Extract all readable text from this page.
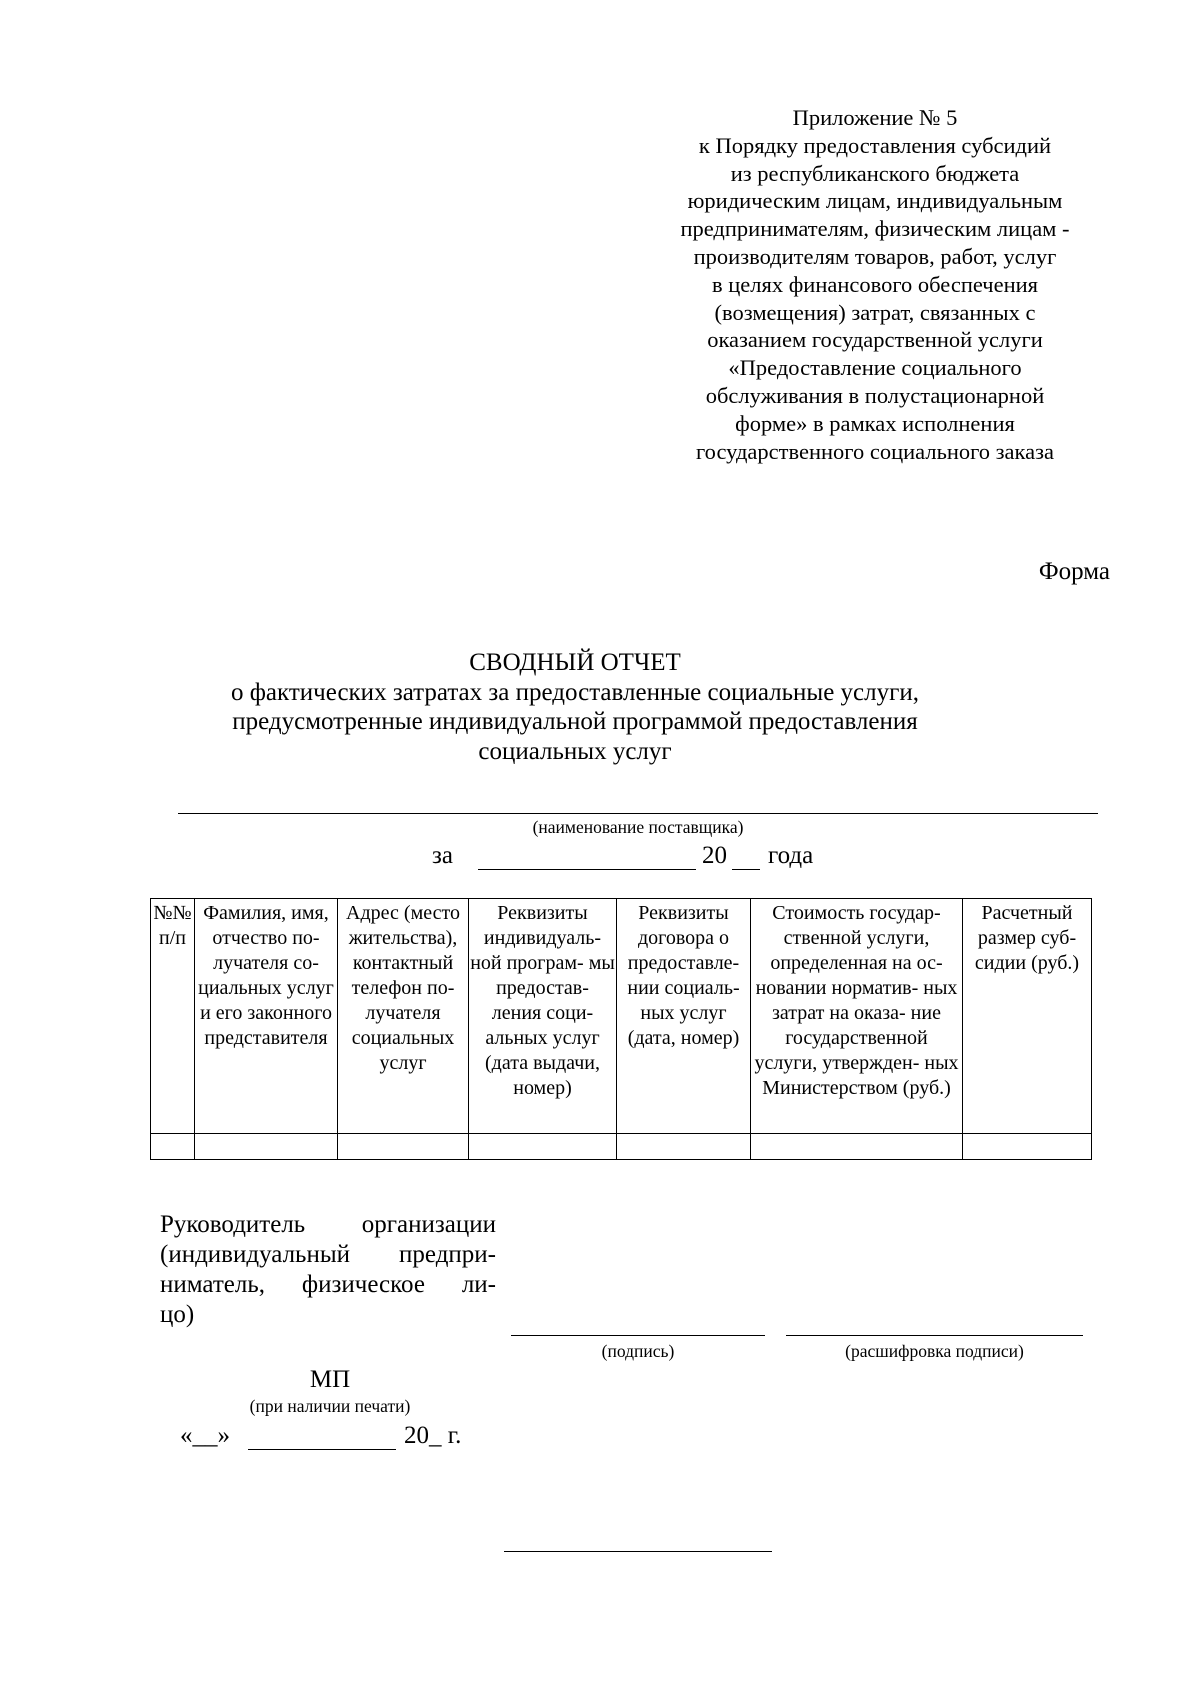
Приложение № 5
к Порядку предоставления субсидий
из республиканского бюджета
юридическим лицам, индивидуальным
предпринимателям, физическим лицам -
производителям товаров, работ, услуг
в целях финансового обеспечения
(возмещения) затрат, связанных с
оказанием государственной услуги
«Предоставление социального
обслуживания в полустационарной
форме» в рамках исполнения
государственного социального заказа
Форма
СВОДНЫЙ ОТЧЕТ
о фактических затратах за предоставленные социальные услуги,
предусмотренные индивидуальной программой предоставления
социальных услуг
(наименование поставщика)
за	20 года
№№ п/п	Фамилия, имя, отчество по- лучателя со- циальных услуг и его законного представителя	Адрес (место жительства), контактный телефон по- лучателя социальных услуг	Реквизиты индивидуаль- ной програм- мы предостав- ления соци- альных услуг (дата выдачи, номер)	Реквизиты договора о предоставле- нии социаль- ных услуг (дата, номер)	Стоимость государ- ственной услуги, определенная на ос- новании норматив- ных затрат на оказа- ние государственной услуги, утвержден- ных Министерством (руб.)	Расчетный размер суб- сидии (руб.)

Руководитель организации
(индивидуальный предпри-
ниматель, физическое ли-
цо)
(подпись)	(расшифровка подписи)
МП
(при наличии печати)
«__»	20_ г.
